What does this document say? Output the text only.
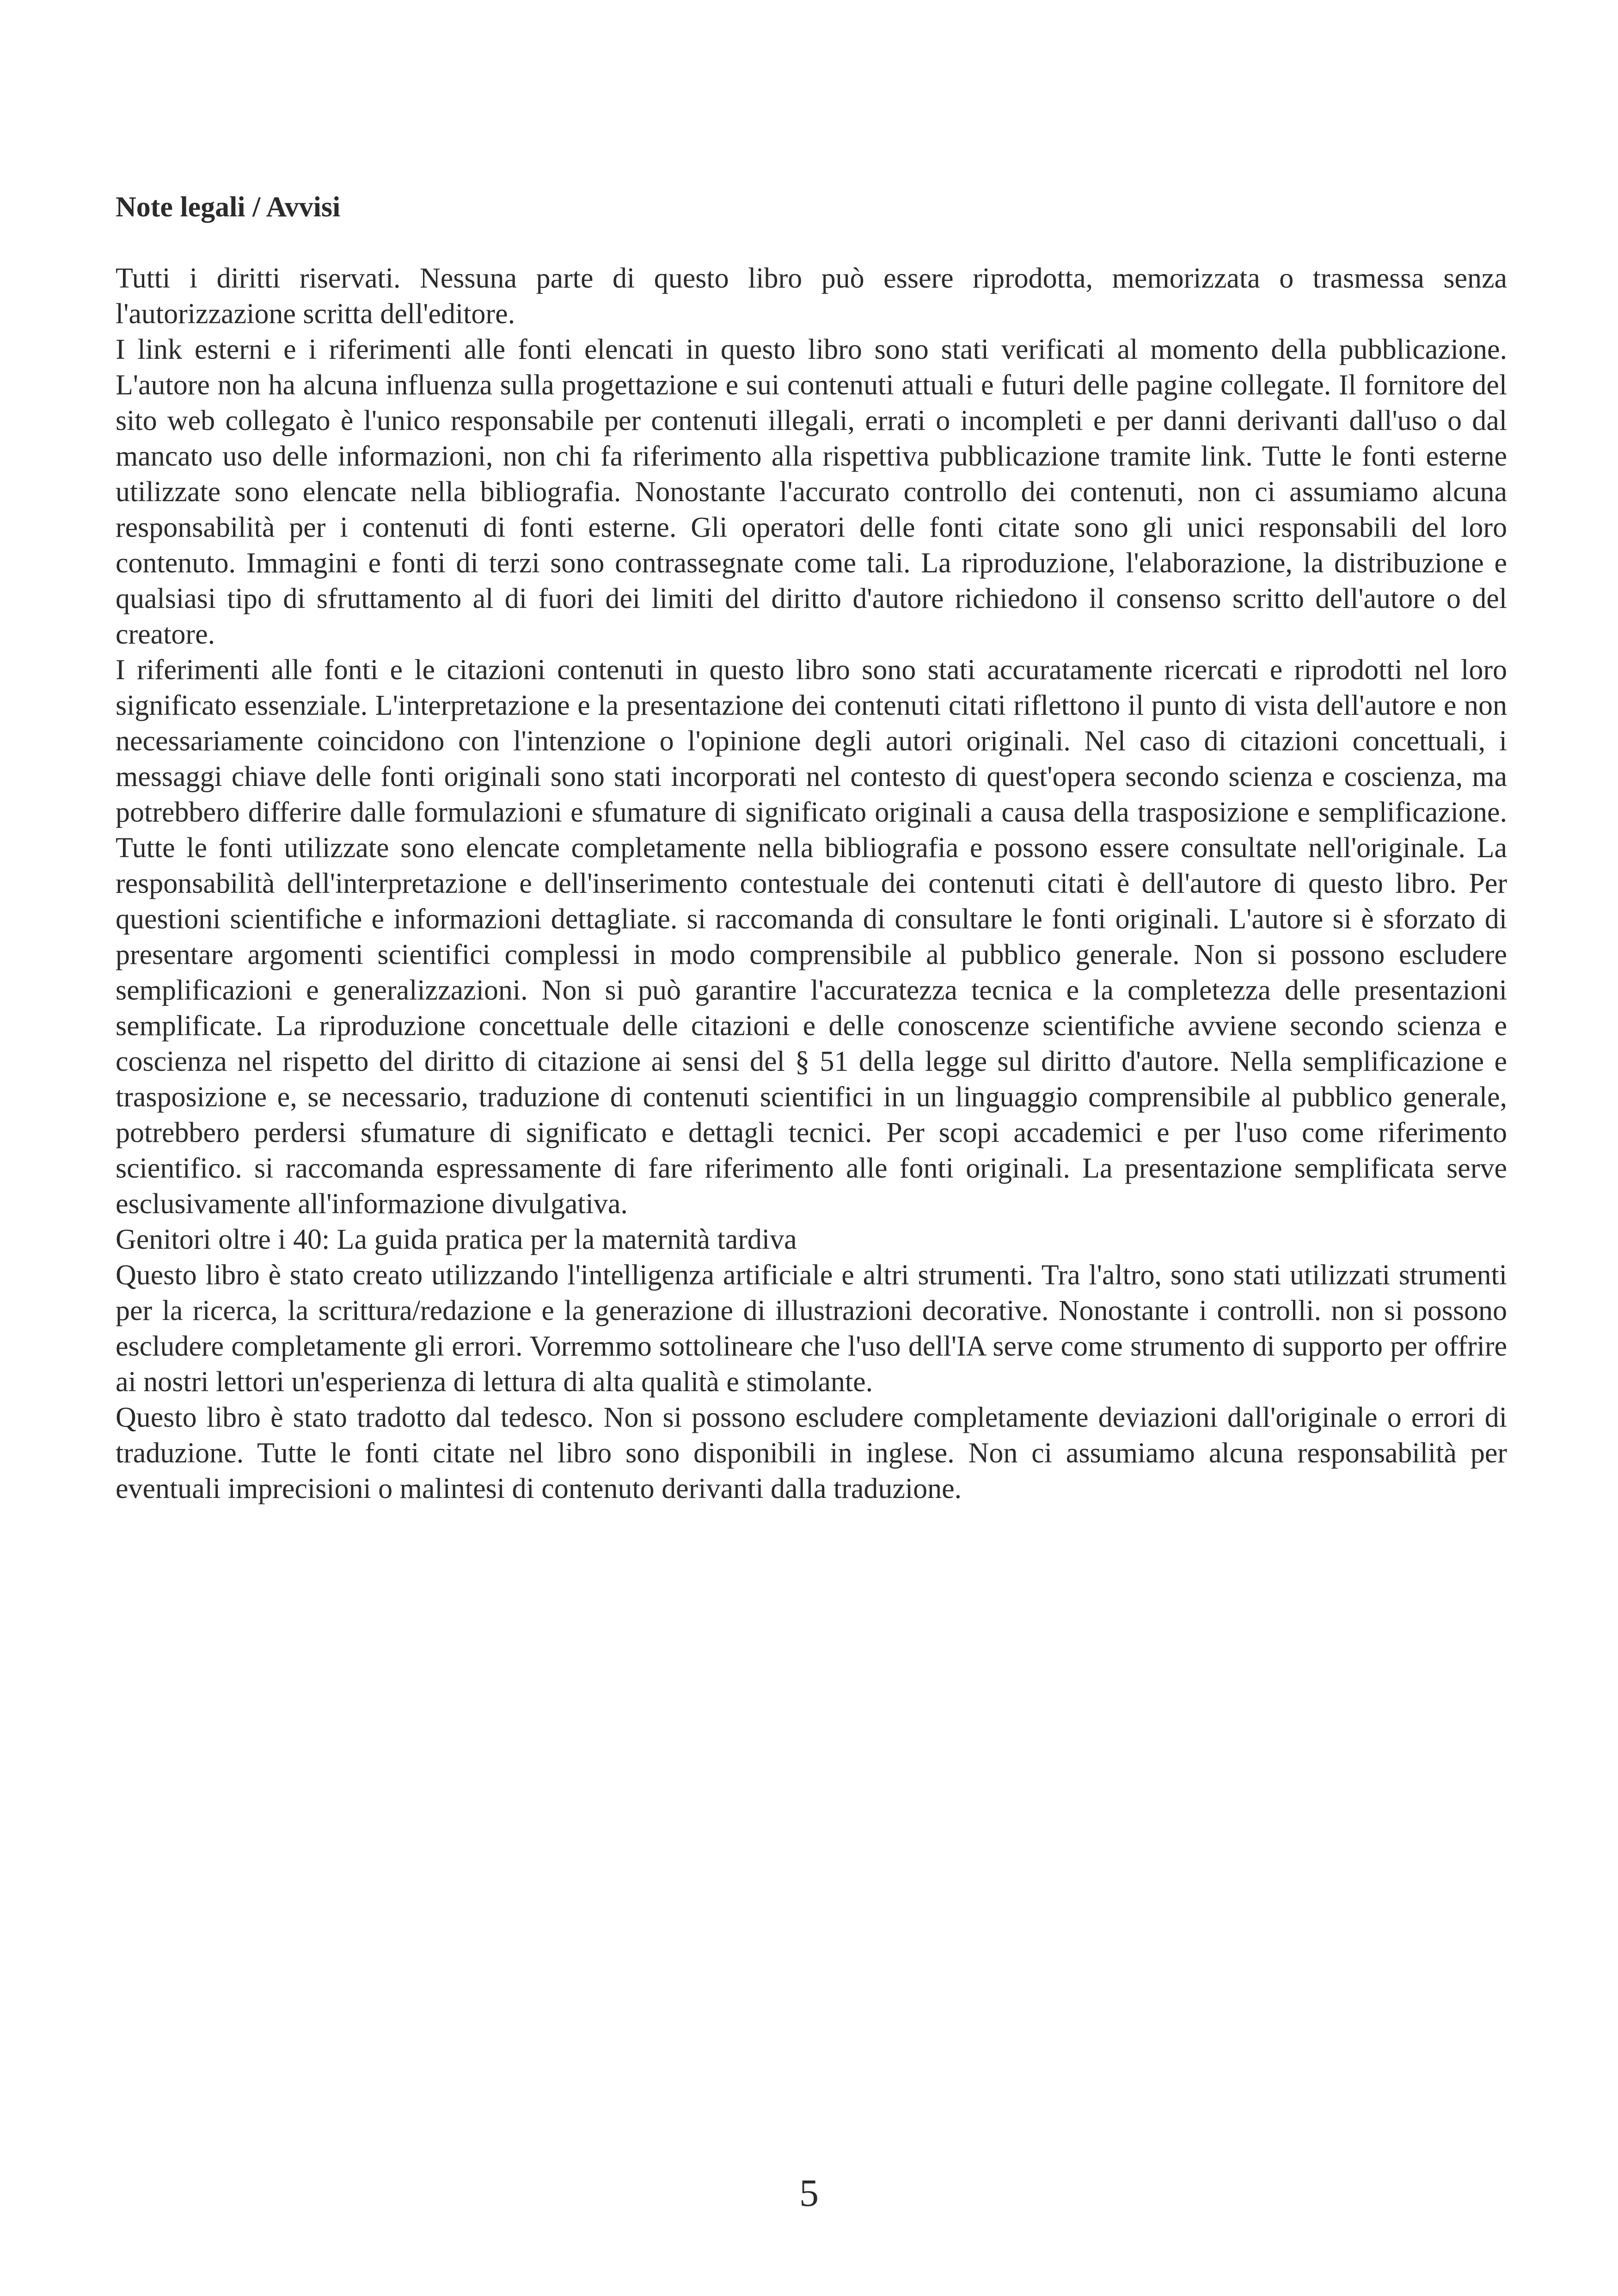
Note legali / Avvisi

Tutti i diritti riservati. Nessuna parte di questo libro può essere riprodotta, memorizzata o trasmessa senza l'autorizzazione scritta dell'editore.

I link esterni e i riferimenti alle fonti elencati in questo libro sono stati verificati al momento della pubblicazione. L'autore non ha alcuna influenza sulla progettazione e sui contenuti attuali e futuri delle pagine collegate. Il fornitore del sito web collegato è l'unico responsabile per contenuti illegali, errati o incompleti e per danni derivanti dall'uso o dal mancato uso delle informazioni, non chi fa riferimento alla rispettiva pubblicazione tramite link. Tutte le fonti esterne utilizzate sono elencate nella bibliografia. Nonostante l'accurato controllo dei contenuti, non ci assumiamo alcuna responsabilità per i contenuti di fonti esterne. Gli operatori delle fonti citate sono gli unici responsabili del loro contenuto. Immagini e fonti di terzi sono contrassegnate come tali. La riproduzione, l'elaborazione, la distribuzione e qualsiasi tipo di sfruttamento al di fuori dei limiti del diritto d'autore richiedono il consenso scritto dell'autore o del creatore.

I riferimenti alle fonti e le citazioni contenuti in questo libro sono stati accuratamente ricercati e riprodotti nel loro significato essenziale. L'interpretazione e la presentazione dei contenuti citati riflettono il punto di vista dell'autore e non necessariamente coincidono con l'intenzione o l'opinione degli autori originali. Nel caso di citazioni concettuali, i messaggi chiave delle fonti originali sono stati incorporati nel contesto di quest'opera secondo scienza e coscienza, ma potrebbero differire dalle formulazioni e sfumature di significato originali a causa della trasposizione e semplificazione. Tutte le fonti utilizzate sono elencate completamente nella bibliografia e possono essere consultate nell'originale. La responsabilità dell'interpretazione e dell'inserimento contestuale dei contenuti citati è dell'autore di questo libro. Per questioni scientifiche e informazioni dettagliate. si raccomanda di consultare le fonti originali. L'autore si è sforzato di presentare argomenti scientifici complessi in modo comprensibile al pubblico generale. Non si possono escludere semplificazioni e generalizzazioni. Non si può garantire l'accuratezza tecnica e la completezza delle presentazioni semplificate. La riproduzione concettuale delle citazioni e delle conoscenze scientifiche avviene secondo scienza e coscienza nel rispetto del diritto di citazione ai sensi del § 51 della legge sul diritto d'autore. Nella semplificazione e trasposizione e, se necessario, traduzione di contenuti scientifici in un linguaggio comprensibile al pubblico generale, potrebbero perdersi sfumature di significato e dettagli tecnici. Per scopi accademici e per l'uso come riferimento scientifico. si raccomanda espressamente di fare riferimento alle fonti originali. La presentazione semplificata serve esclusivamente all'informazione divulgativa.

Genitori oltre i 40: La guida pratica per la maternità tardiva

Questo libro è stato creato utilizzando l'intelligenza artificiale e altri strumenti. Tra l'altro, sono stati utilizzati strumenti per la ricerca, la scrittura/redazione e la generazione di illustrazioni decorative. Nonostante i controlli. non si possono escludere completamente gli errori. Vorremmo sottolineare che l'uso dell'IA serve come strumento di supporto per offrire ai nostri lettori un'esperienza di lettura di alta qualità e stimolante.

Questo libro è stato tradotto dal tedesco. Non si possono escludere completamente deviazioni dall'originale o errori di traduzione. Tutte le fonti citate nel libro sono disponibili in inglese. Non ci assumiamo alcuna responsabilità per eventuali imprecisioni o malintesi di contenuto derivanti dalla traduzione.

5
